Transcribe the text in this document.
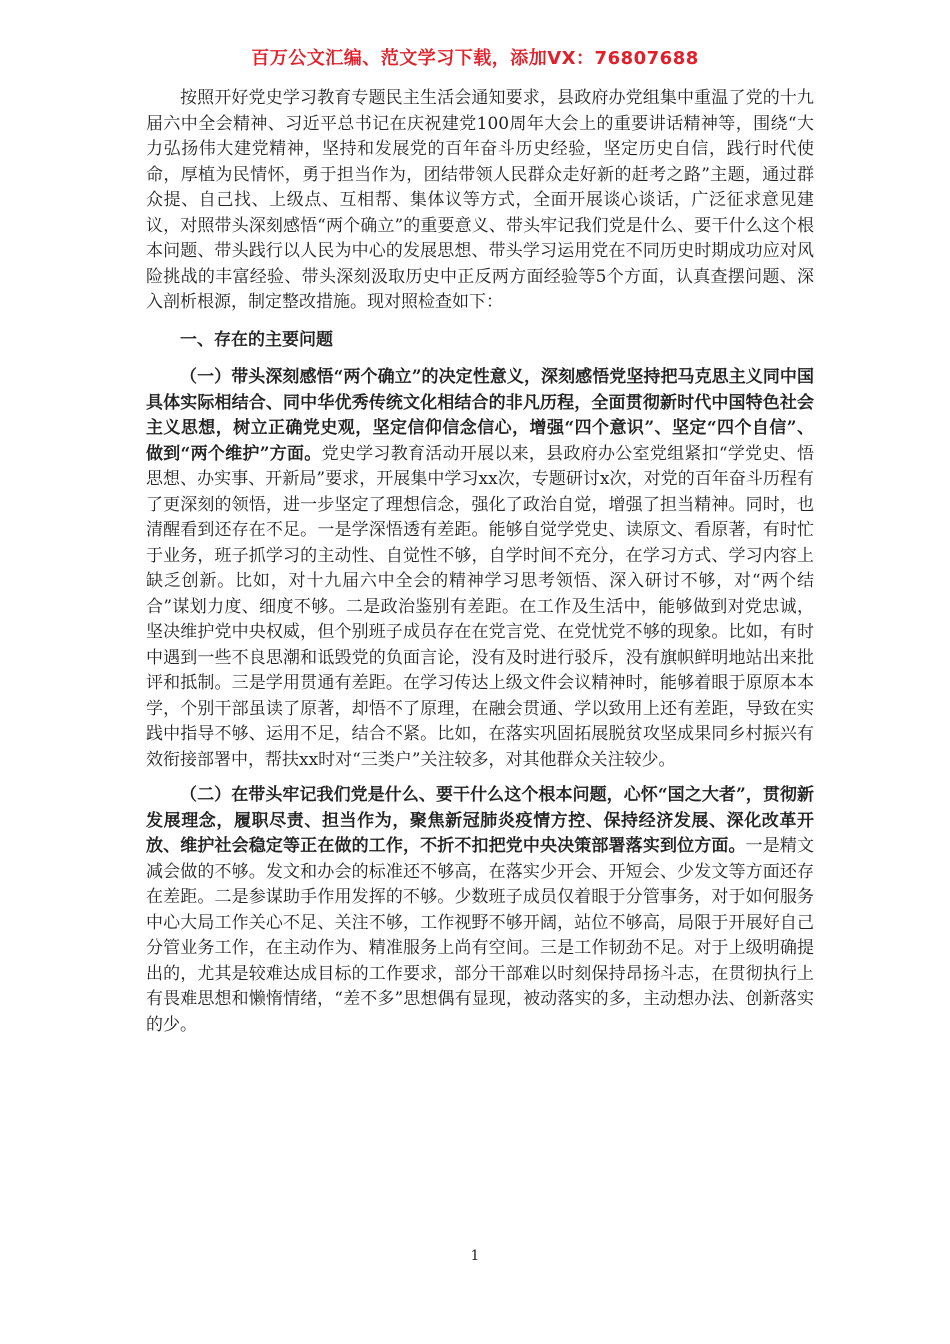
百万公文汇编、范文学习下载，添加VX：76807688

按照开好党史学习教育专题民主生活会通知要求，县政府办党组集中重温了党的十九届六中全会精神、习近平总书记在庆祝建党100周年大会上的重要讲话精神等，围绕“大力弘扬伟大建党精神，坚持和发展党的百年奋斗历史经验，坚定历史自信，践行时代使命，厚植为民情怀，勇于担当作为，团结带领人民群众走好新的赶考之路”主题，通过群众提、自己找、上级点、互相帮、集体议等方式，全面开展谈心谈话，广泛征求意见建议，对照带头深刻感悟“两个确立”的重要意义、带头牢记我们党是什么、要干什么这个根本问题、带头践行以人民为中心的发展思想、带头学习运用党在不同历史时期成功应对风险挑战的丰富经验、带头深刻汲取历史中正反两方面经验等5个方面，认真查摆问题、深入剖析根源，制定整改措施。现对照检查如下：

一、存在的主要问题

（一）带头深刻感悟“两个确立”的决定性意义，深刻感悟党坚持把马克思主义同中国具体实际相结合、同中华优秀传统文化相结合的非凡历程，全面贯彻新时代中国特色社会主义思想，树立正确党史观，坚定信仰信念信心，增强“四个意识”、坚定“四个自信”、做到“两个维护”方面。党史学习教育活动开展以来，县政府办公室党组紧扣“学党史、悟思想、办实事、开新局”要求，开展集中学习xx次，专题研讨x次，对党的百年奋斗历程有了更深刻的领悟，进一步坚定了理想信念，强化了政治自觉，增强了担当精神。同时，也清醒看到还存在不足。一是学深悟透有差距。能够自觉学党史、读原文、看原著，有时忙于业务，班子抓学习的主动性、自觉性不够，自学时间不充分，在学习方式、学习内容上缺乏创新。比如，对十九届六中全会的精神学习思考领悟、深入研讨不够，对“两个结合”谋划力度、细度不够。二是政治鉴别有差距。在工作及生活中，能够做到对党忠诚，坚决维护党中央权威，但个别班子成员存在在党言党、在党忧党不够的现象。比如，有时中遇到一些不良思潮和诋毁党的负面言论，没有及时进行驳斥，没有旗帜鲜明地站出来批评和抵制。三是学用贯通有差距。在学习传达上级文件会议精神时，能够着眼于原原本本学，个别干部虽读了原著，却悟不了原理，在融会贯通、学以致用上还有差距，导致在实践中指导不够、运用不足，结合不紧。比如，在落实巩固拓展脱贫攻坚成果同乡村振兴有效衔接部署中，帮扶xx时对“三类户”关注较多，对其他群众关注较少。

（二）在带头牢记我们党是什么、要干什么这个根本问题，心怀“国之大者”，贯彻新发展理念，履职尽责、担当作为，聚焦新冠肺炎疫情方控、保持经济发展、深化改革开放、维护社会稳定等正在做的工作，不折不扣把党中央决策部署落实到位方面。一是精文减会做的不够。发文和办会的标准还不够高，在落实少开会、开短会、少发文等方面还存在差距。二是参谋助手作用发挥的不够。少数班子成员仅着眼于分管事务，对于如何服务中心大局工作关心不足、关注不够，工作视野不够开阔，站位不够高，局限于开展好自己分管业务工作，在主动作为、精准服务上尚有空间。三是工作韧劲不足。对于上级明确提出的，尤其是较难达成目标的工作要求，部分干部难以时刻保持昂扬斗志，在贯彻执行上有畏难思想和懒惰情绪，“差不多”思想偶有显现，被动落实的多，主动想办法、创新落实的少。

1
